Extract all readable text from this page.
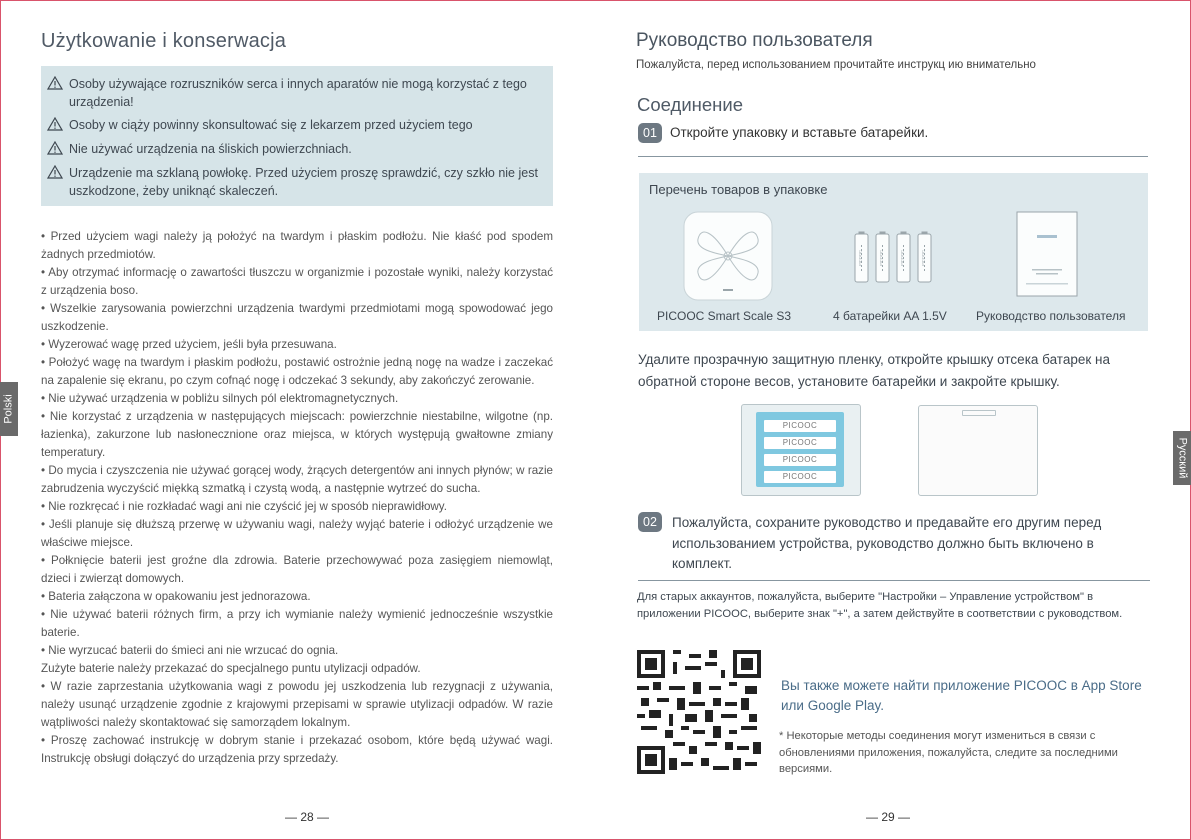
Użytkowanie i konserwacja
Osoby używające rozruszników serca i innych aparatów nie mogą korzystać z tego urządzenia!
Osoby w ciąży powinny skonsultować się z lekarzem przed użyciem tego
Nie używać urządzenia na śliskich powierzchniach.
Urządzenie ma szklaną powłokę. Przed użyciem proszę sprawdzić, czy szkło nie jest uszkodzone, żeby uniknąć skaleczeń.

• Przed użyciem wagi należy ją położyć na twardym i płaskim podłożu. Nie kłaść pod spodem żadnych przedmiotów.

• Aby otrzymać informację o zawartości tłuszczu w organizmie i pozostałe wyniki, należy korzystać z urządzenia boso.

• Wszelkie zarysowania powierzchni urządzenia twardymi przedmiotami mogą spowodować jego uszkodzenie.

• Wyzerować wagę przed użyciem, jeśli była przesuwana.

• Położyć wagę na twardym i płaskim podłożu, postawić ostrożnie jedną nogę na wadze i zaczekać na zapalenie się ekranu, po czym cofnąć nogę i odczekać 3 sekundy, aby zakończyć zerowanie.

• Nie używać urządzenia w pobliżu silnych pól elektromagnetycznych.

• Nie korzystać z urządzenia w następujących miejscach: powierzchnie niestabilne, wilgotne (np. łazienka), zakurzone lub nasłonecznione oraz miejsca, w których występują gwałtowne zmiany temperatury.

• Do mycia i czyszczenia nie używać gorącej wody, żrących detergentów ani innych płynów; w razie zabrudzenia wyczyścić miękką szmatką i czystą wodą, a następnie wytrzeć do sucha.

• Nie rozkręcać i nie rozkładać wagi ani nie czyścić jej w sposób nieprawidłowy.

• Jeśli planuje się dłuższą przerwę w używaniu wagi, należy wyjąć baterie i odłożyć urządzenie we właściwe miejsce.

• Połknięcie baterii jest groźne dla zdrowia. Baterie przechowywać poza zasięgiem niemowląt, dzieci i zwierząt domowych.

• Bateria załączona w opakowaniu jest jednorazowa.

• Nie używać baterii różnych firm, a przy ich wymianie należy wymienić jednocześnie wszystkie baterie.

• Nie wyrzucać baterii do śmieci ani nie wrzucać do ognia.

Zużyte baterie należy przekazać do specjalnego puntu utylizacji odpadów.

• W razie zaprzestania użytkowania wagi z powodu jej uszkodzenia lub rezygnacji z używania, należy usunąć urządzenie zgodnie z krajowymi przepisami w sprawie utylizacji odpadów. W razie wątpliwości należy skontaktować się samorządem lokalnym.

• Proszę zachować instrukcję w dobrym stanie i przekazać osobom, które będą używać wagi. Instrukcję obsługi dołączyć do urządzenia przy sprzedaży.

— 28 —
Polski
Руководство пользователя
Пожалуйста, перед использованием прочитайте инструкц ию внимательно
Соединение
01 Откройте упаковку и вставьте батарейки.
Перечень товаров в упаковке
PICOOC	PICOOC	PICOOC	PICOOC
PICOOC Smart Scale S3	4 батарейки AA 1.5V Руководство пользователя
Удалите прозрачную защитную пленку, откройте крышку отсека батарек на обратной стороне весов, установите батарейки и закройте крышку.
PICOOC
PICOOC
PICOOC
PICOOC
02	Пожалуйста, сохраните руководство и предавайте его другим перед использованием устройства, руководство должно быть включено в комплект.
Для старых аккаунтов, пожалуйста, выберите "Настройки – Управление устройством" в приложении PICOOC, выберите знак "+", а затем действуйте в соответствии с руководством.
Вы также можете найти приложение PICOOC в App Store или Google Play.
* Некоторые методы соединения могут измениться в связи с обновлениями приложения, пожалуйста, следите за последними версиями.
— 29 —
Русский
